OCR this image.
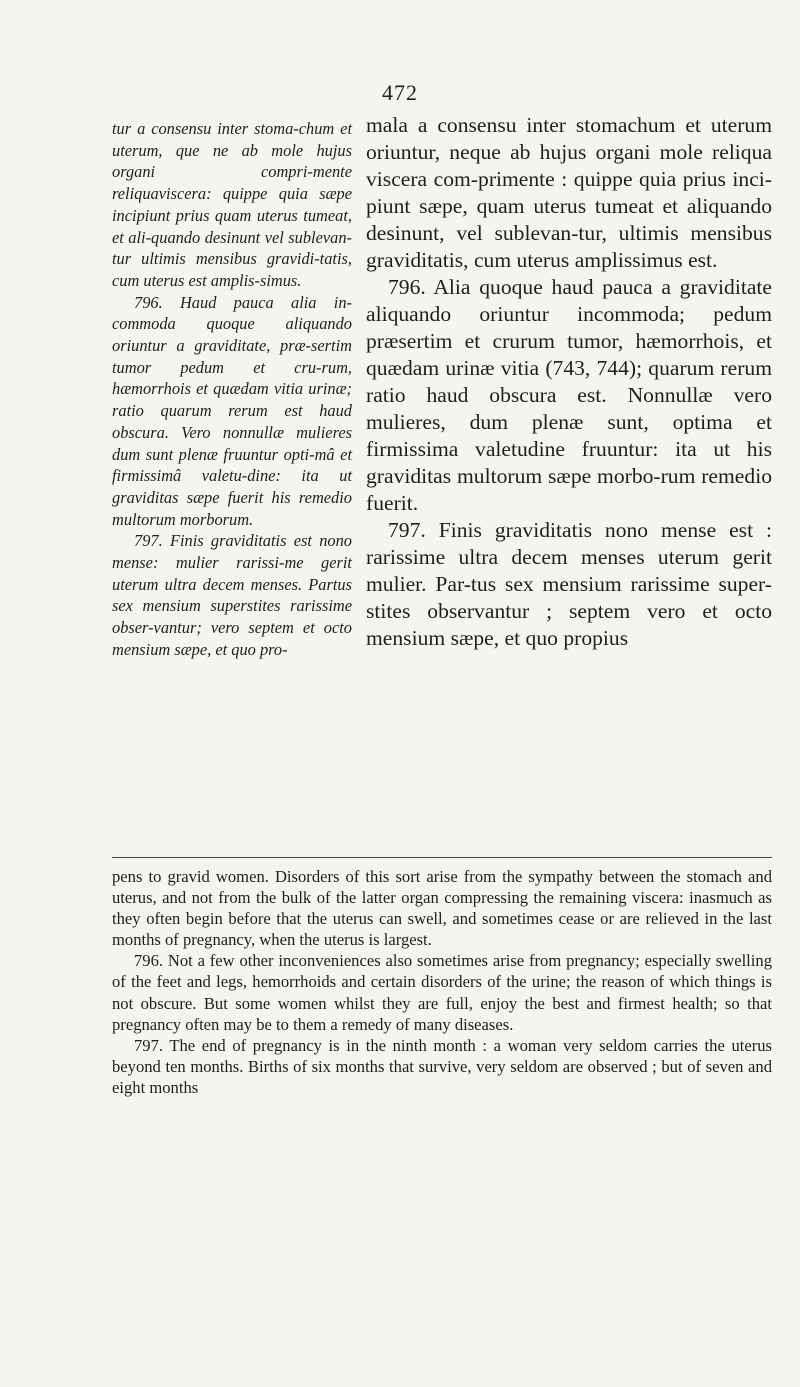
472

tur a consensu inter stoma-chum et uterum, que ne ab mole hujus organi compri-mente reliquaviscera: quippe quia sæpe incipiunt prius quam uterus tumeat, et ali-quando desinunt vel sublevan-tur ultimis mensibus gravidi-tatis, cum uterus est amplis-simus.

796. Haud pauca alia in-commoda quoque aliquando oriuntur a graviditate, præ-sertim tumor pedum et cru-rum, hæmorrhois et quædam vitia urinæ; ratio quarum rerum est haud obscura. Vero nonnullæ mulieres dum sunt plenæ fruuntur opti-mâ et firmissimâ valetu-dine: ita ut graviditas sæpe fuerit his remedio multorum morborum.

797. Finis graviditatis est nono mense: mulier rarissi-me gerit uterum ultra decem menses. Partus sex mensium superstites rarissime obser-vantur; vero septem et octo mensium sæpe, et quo pro-

mala a consensu inter stomachum et uterum oriuntur, neque ab hujus organi mole reliqua viscera com-primente : quippe quia prius inci-piunt sæpe, quam uterus tumeat et aliquando desinunt, vel sublevan-tur, ultimis mensibus graviditatis, cum uterus amplissimus est.

796. Alia quoque haud pauca a graviditate aliquando oriuntur incommoda; pedum præsertim et crurum tumor, hæmorrhois, et quædam urinæ vitia (743, 744); quarum rerum ratio haud obscura est. Nonnullæ vero mulieres, dum plenæ sunt, optima et firmissima valetudine fruuntur: ita ut his graviditas multorum sæpe morbo-rum remedio fuerit.

797. Finis graviditatis nono mense est : rarissime ultra decem menses uterum gerit mulier. Par-tus sex mensium rarissime super-stites observantur ; septem vero et octo mensium sæpe, et quo propius

pens to gravid women. Disorders of this sort arise from the sympathy between the stomach and uterus, and not from the bulk of the latter organ compressing the remaining viscera: inasmuch as they often begin before that the uterus can swell, and sometimes cease or are relieved in the last months of pregnancy, when the uterus is largest.

796. Not a few other inconveniences also sometimes arise from pregnancy; especially swelling of the feet and legs, hemorrhoids and certain disorders of the urine; the reason of which things is not obscure. But some women whilst they are full, enjoy the best and firmest health; so that pregnancy often may be to them a remedy of many diseases.

797. The end of pregnancy is in the ninth month : a woman very seldom carries the uterus beyond ten months. Births of six months that survive, very seldom are observed ; but of seven and eight months
